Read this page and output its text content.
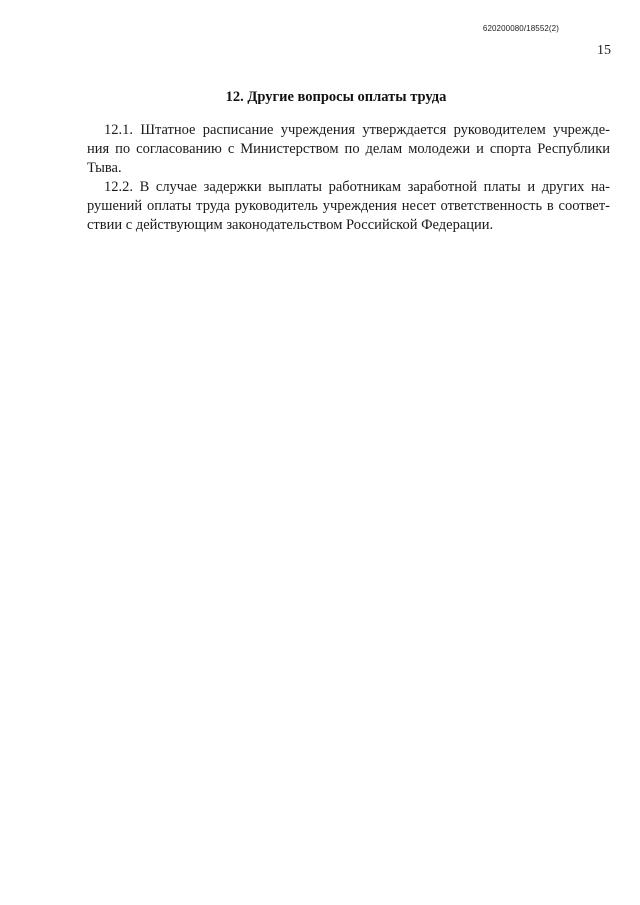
620200080/18552(2)
15
12. Другие вопросы оплаты труда
12.1. Штатное расписание учреждения утверждается руководителем учрежде-
ния по согласованию с Министерством по делам молодежи и спорта Республики
Тыва.
12.2. В случае задержки выплаты работникам заработной платы и других на-
рушений оплаты труда руководитель учреждения несет ответственность в соответ-
ствии с действующим законодательством Российской Федерации.
